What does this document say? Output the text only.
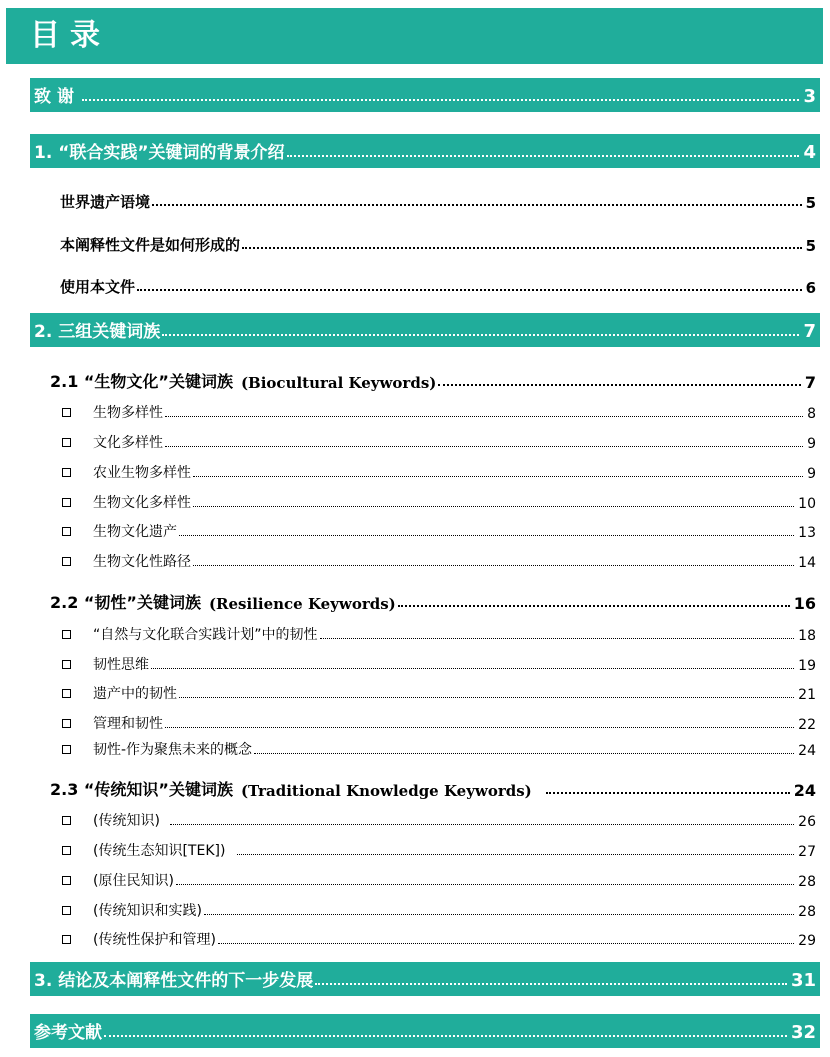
目录
致谢	3
1. “联合实践”关键词的背景介绍	4
世界遗产语境	5
本阐释性文件是如何形成的	5
使用本文件	6
2. 三组关键词族	7
2.1 “生物文化”关键词族 (Biocultural Keywords)	7
生物多样性	8
文化多样性	9
农业生物多样性	9
生物文化多样性	10
生物文化遗产	13
生物文化性路径	14
2.2 “韧性”关键词族 (Resilience Keywords)	16
“自然与文化联合实践计划”中的韧性	18
韧性思维	19
遗产中的韧性	21
管理和韧性	22
韧性-作为聚焦未来的概念	24
2.3 “传统知识”关键词族 (Traditional Knowledge Keywords)	24
(传统知识)	26
(传统生态知识[TEK])	27
(原住民知识)	28
(传统知识和实践)	28
(传统性保护和管理)	29
3. 结论及本阐释性文件的下一步发展	31
参考文献	32
